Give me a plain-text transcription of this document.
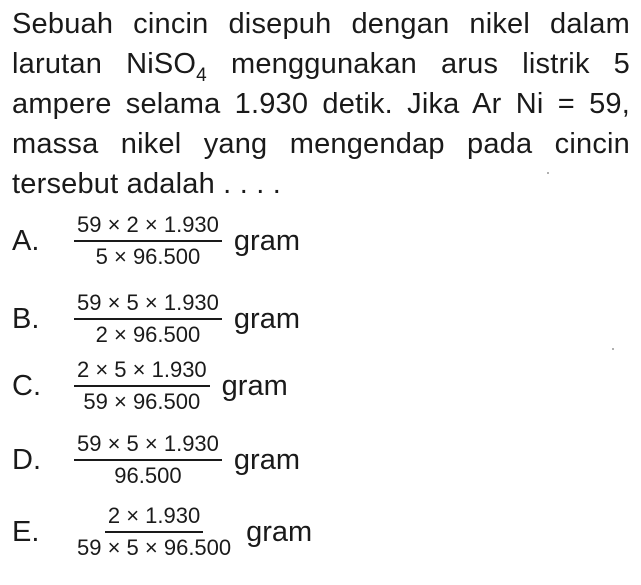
Sebuah cincin disepuh dengan nikel dalam larutan NiSO$_4$ menggunakan arus listrik 5 ampere selama 1.930 detik. Jika Ar Ni = 59, massa nikel yang mengendap pada cincin tersebut adalah . . . .
A.	$\frac{59 \times 2 \times 1.930}{5 \times 96.500}$ gram
B.	$\frac{59 \times 5 \times 1.930}{2 \times 96.500}$ gram
C.	$\frac{2 \times 5 \times 1.930}{59 \times 96.500}$ gram
D.	$\frac{59 \times 5 \times 1.930}{96.500}$ gram
E.	$\frac{2 \times 1.930}{59 \times 5 \times 96.500}$ gram
